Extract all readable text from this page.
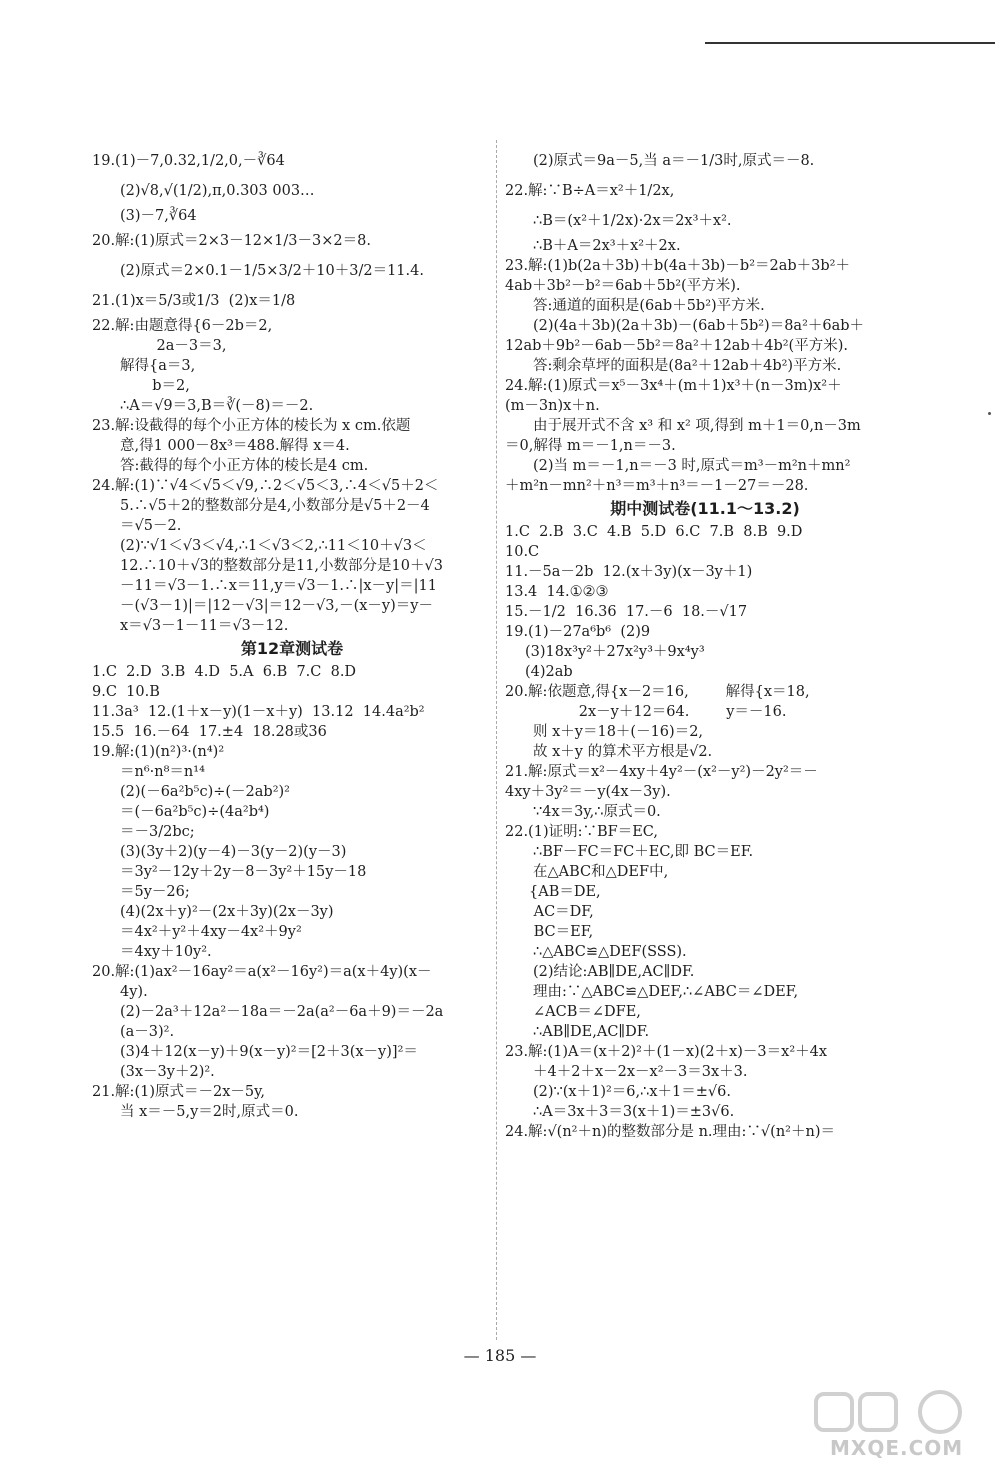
19.(1)－7,0.32,1/2,0,－∛64
(2)√8,√(1/2),π,0.303 003…
(3)－7,∛64
20.解:(1)原式＝2×3－12×1/3－3×2＝8.
(2)原式＝2×0.1－1/5×3/2＋10＋3/2＝11.4.
21.(1)x＝5/3或1/3  (2)x＝1/8
22.解:由题意得{6－2b＝2,
2a－3＝3,
解得{a＝3,
b＝2,
∴A＝√9＝3,B＝∛(－8)＝－2.
23.解:设截得的每个小正方体的棱长为 x cm.依题
意,得1 000－8x³＝488.解得 x＝4.
答:截得的每个小正方体的棱长是4 cm.
24.解:(1)∵√4＜√5＜√9,∴2＜√5＜3,∴4＜√5＋2＜
5.∴√5＋2的整数部分是4,小数部分是√5＋2－4
＝√5－2.
(2)∵√1＜√3＜√4,∴1＜√3＜2,∴11＜10＋√3＜
12.∴10＋√3的整数部分是11,小数部分是10＋√3
－11＝√3－1.∴x＝11,y＝√3－1.∴|x－y|＝|11
－(√3－1)|＝|12－√3|＝12－√3,－(x－y)＝y－
x＝√3－1－11＝√3－12.
第12章测试卷
1.C  2.D  3.B  4.D  5.A  6.B  7.C  8.D
9.C  10.B
11.3a³  12.(1＋x－y)(1－x＋y)  13.12  14.4a²b²
15.5  16.－64  17.±4  18.28或36
19.解:(1)(n²)³·(n⁴)²
＝n⁶·n⁸＝n¹⁴
(2)(－6a²b⁵c)÷(－2ab²)²
＝(－6a²b⁵c)÷(4a²b⁴)
＝－3/2bc;
(3)(3y＋2)(y－4)－3(y－2)(y－3)
＝3y²－12y＋2y－8－3y²＋15y－18
＝5y－26;
(4)(2x＋y)²－(2x＋3y)(2x－3y)
＝4x²＋y²＋4xy－4x²＋9y²
＝4xy＋10y².
20.解:(1)ax²－16ay²＝a(x²－16y²)＝a(x＋4y)(x－
4y).
(2)－2a³＋12a²－18a＝－2a(a²－6a＋9)＝－2a
(a－3)².
(3)4＋12(x－y)＋9(x－y)²＝[2＋3(x－y)]²＝
(3x－3y＋2)².
21.解:(1)原式＝－2x－5y,
当 x＝－5,y＝2时,原式＝0.
(2)原式＝9a－5,当 a＝－1/3时,原式＝－8.
22.解:∵B÷A＝x²＋1/2x,
∴B＝(x²＋1/2x)·2x＝2x³＋x².
∴B＋A＝2x³＋x²＋2x.
23.解:(1)b(2a＋3b)＋b(4a＋3b)－b²＝2ab＋3b²＋
4ab＋3b²－b²＝6ab＋5b²(平方米).
答:通道的面积是(6ab＋5b²)平方米.
(2)(4a＋3b)(2a＋3b)－(6ab＋5b²)＝8a²＋6ab＋
12ab＋9b²－6ab－5b²＝8a²＋12ab＋4b²(平方米).
答:剩余草坪的面积是(8a²＋12ab＋4b²)平方米.
24.解:(1)原式＝x⁵－3x⁴＋(m＋1)x³＋(n－3m)x²＋
(m－3n)x＋n.
由于展开式不含 x³ 和 x² 项,得到 m＋1＝0,n－3m
＝0,解得 m＝－1,n＝－3.
(2)当 m＝－1,n＝－3 时,原式＝m³－m²n＋mn²
＋m²n－mn²＋n³＝m³＋n³＝－1－27＝－28.
期中测试卷(11.1～13.2)
1.C  2.B  3.C  4.B  5.D  6.C  7.B  8.B  9.D
10.C
11.－5a－2b  12.(x＋3y)(x－3y＋1)
13.4  14.①②③
15.－1/2  16.36  17.－6  18.－√17
19.(1)－27a⁶b⁶  (2)9
(3)18x³y²＋27x²y³＋9x⁴y³
(4)2ab
20.解:依题意,得{x－2＝16,        解得{x＝18,
2x－y＋12＝64.        y＝－16.
则 x＋y＝18＋(－16)＝2,
故 x＋y 的算术平方根是√2.
21.解:原式＝x²－4xy＋4y²－(x²－y²)－2y²＝－
4xy＋3y²＝－y(4x－3y).
∵4x＝3y,∴原式＝0.
22.(1)证明:∵BF＝EC,
∴BF－FC＝FC＋EC,即 BC＝EF.
在△ABC和△DEF中,
{AB＝DE,
AC＝DF,
BC＝EF,
∴△ABC≌△DEF(SSS).
(2)结论:AB∥DE,AC∥DF.
理由:∵△ABC≌△DEF,∴∠ABC＝∠DEF,
∠ACB＝∠DFE,
∴AB∥DE,AC∥DF.
23.解:(1)A＝(x＋2)²＋(1－x)(2＋x)－3＝x²＋4x
＋4＋2＋x－2x－x²－3＝3x＋3.
(2)∵(x＋1)²＝6,∴x＋1＝±√6.
∴A＝3x＋3＝3(x＋1)＝±3√6.
24.解:√(n²＋n)的整数部分是 n.理由:∵√(n²＋n)＝
— 185 —
MXQE.COM
